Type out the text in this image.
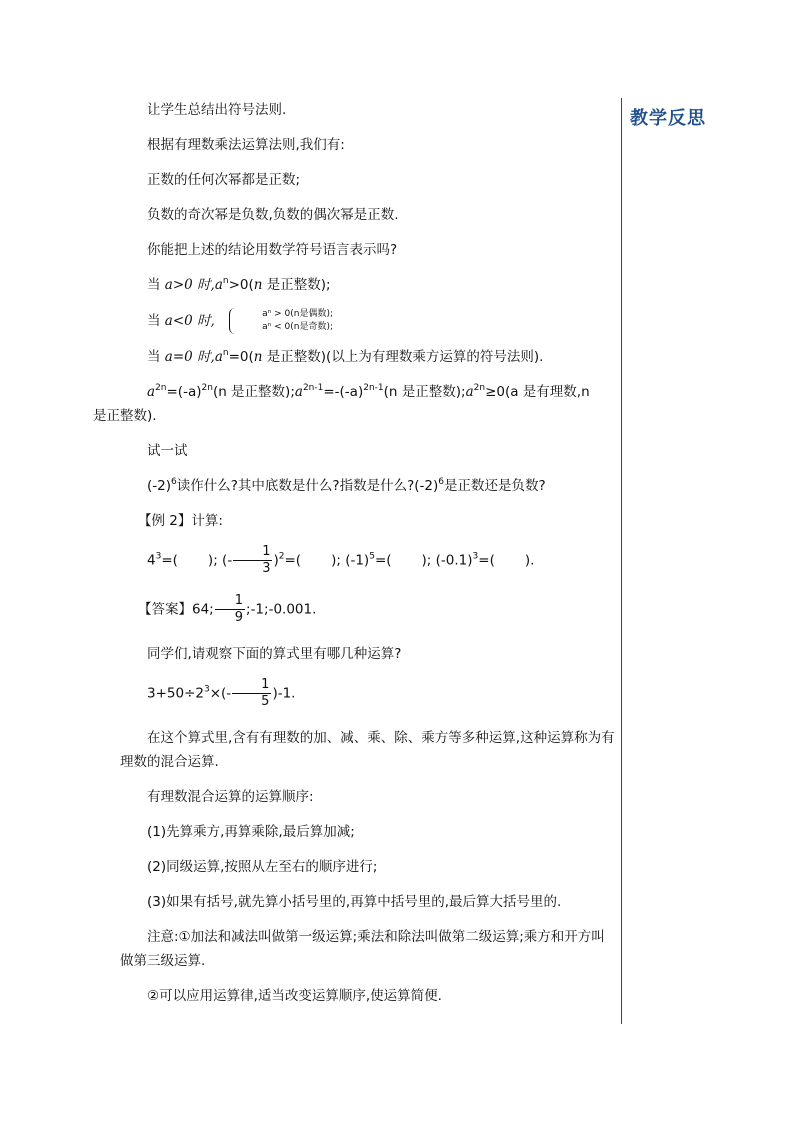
教学反思

让学生总结出符号法则.

根据有理数乘法运算法则,我们有:

正数的任何次幂都是正数;

负数的奇次幂是负数,负数的偶次幂是正数.

你能把上述的结论用数学符号语言表示吗?

当 a>0 时$,a^n>0(n$ 是正整数);

当 a<0 时,	aⁿ > 0(n是偶数);
aⁿ < 0(n是奇数);

当 a=0 时$,a^n=0(n$ 是正整数)(以上为有理数乘方运算的符号法则).

$a^{2n}=(-a)^{2n}(n$ 是正整数)$;a^{2n-1}=-(-a)^{2n-1}(n$ 是正整数)$;a^{2n}\ge 0(a$ 是有理数,n
是正整数).

试一试

$(-2)^6$读作什么?其中底数是什么?指数是什么$?(-2)^6$是正数还是负数?

【例 2】计算:

$4^3=$( ); (- $\frac{1}{3} )^2=$( ); $(-1)^5=$( ); $(-0.1)^3=$( ).

【答案】64; $\frac{1}{9}$ ;-1;-0.001.

同学们,请观察下面的算式里有哪几种运算?

$3+50\div 2^3\times(- \frac{1}{5} )-1$.

在这个算式里,含有有理数的加、减、乘、除、乘方等多种运算,这种运算称为有理数的混合运算.

有理数混合运算的运算顺序:

(1)先算乘方,再算乘除,最后算加减;

(2)同级运算,按照从左至右的顺序进行;

(3)如果有括号,就先算小括号里的,再算中括号里的,最后算大括号里的.

注意:①加法和减法叫做第一级运算;乘法和除法叫做第二级运算;乘方和开方叫做第三级运算.

②可以应用运算律,适当改变运算顺序,使运算简便.
